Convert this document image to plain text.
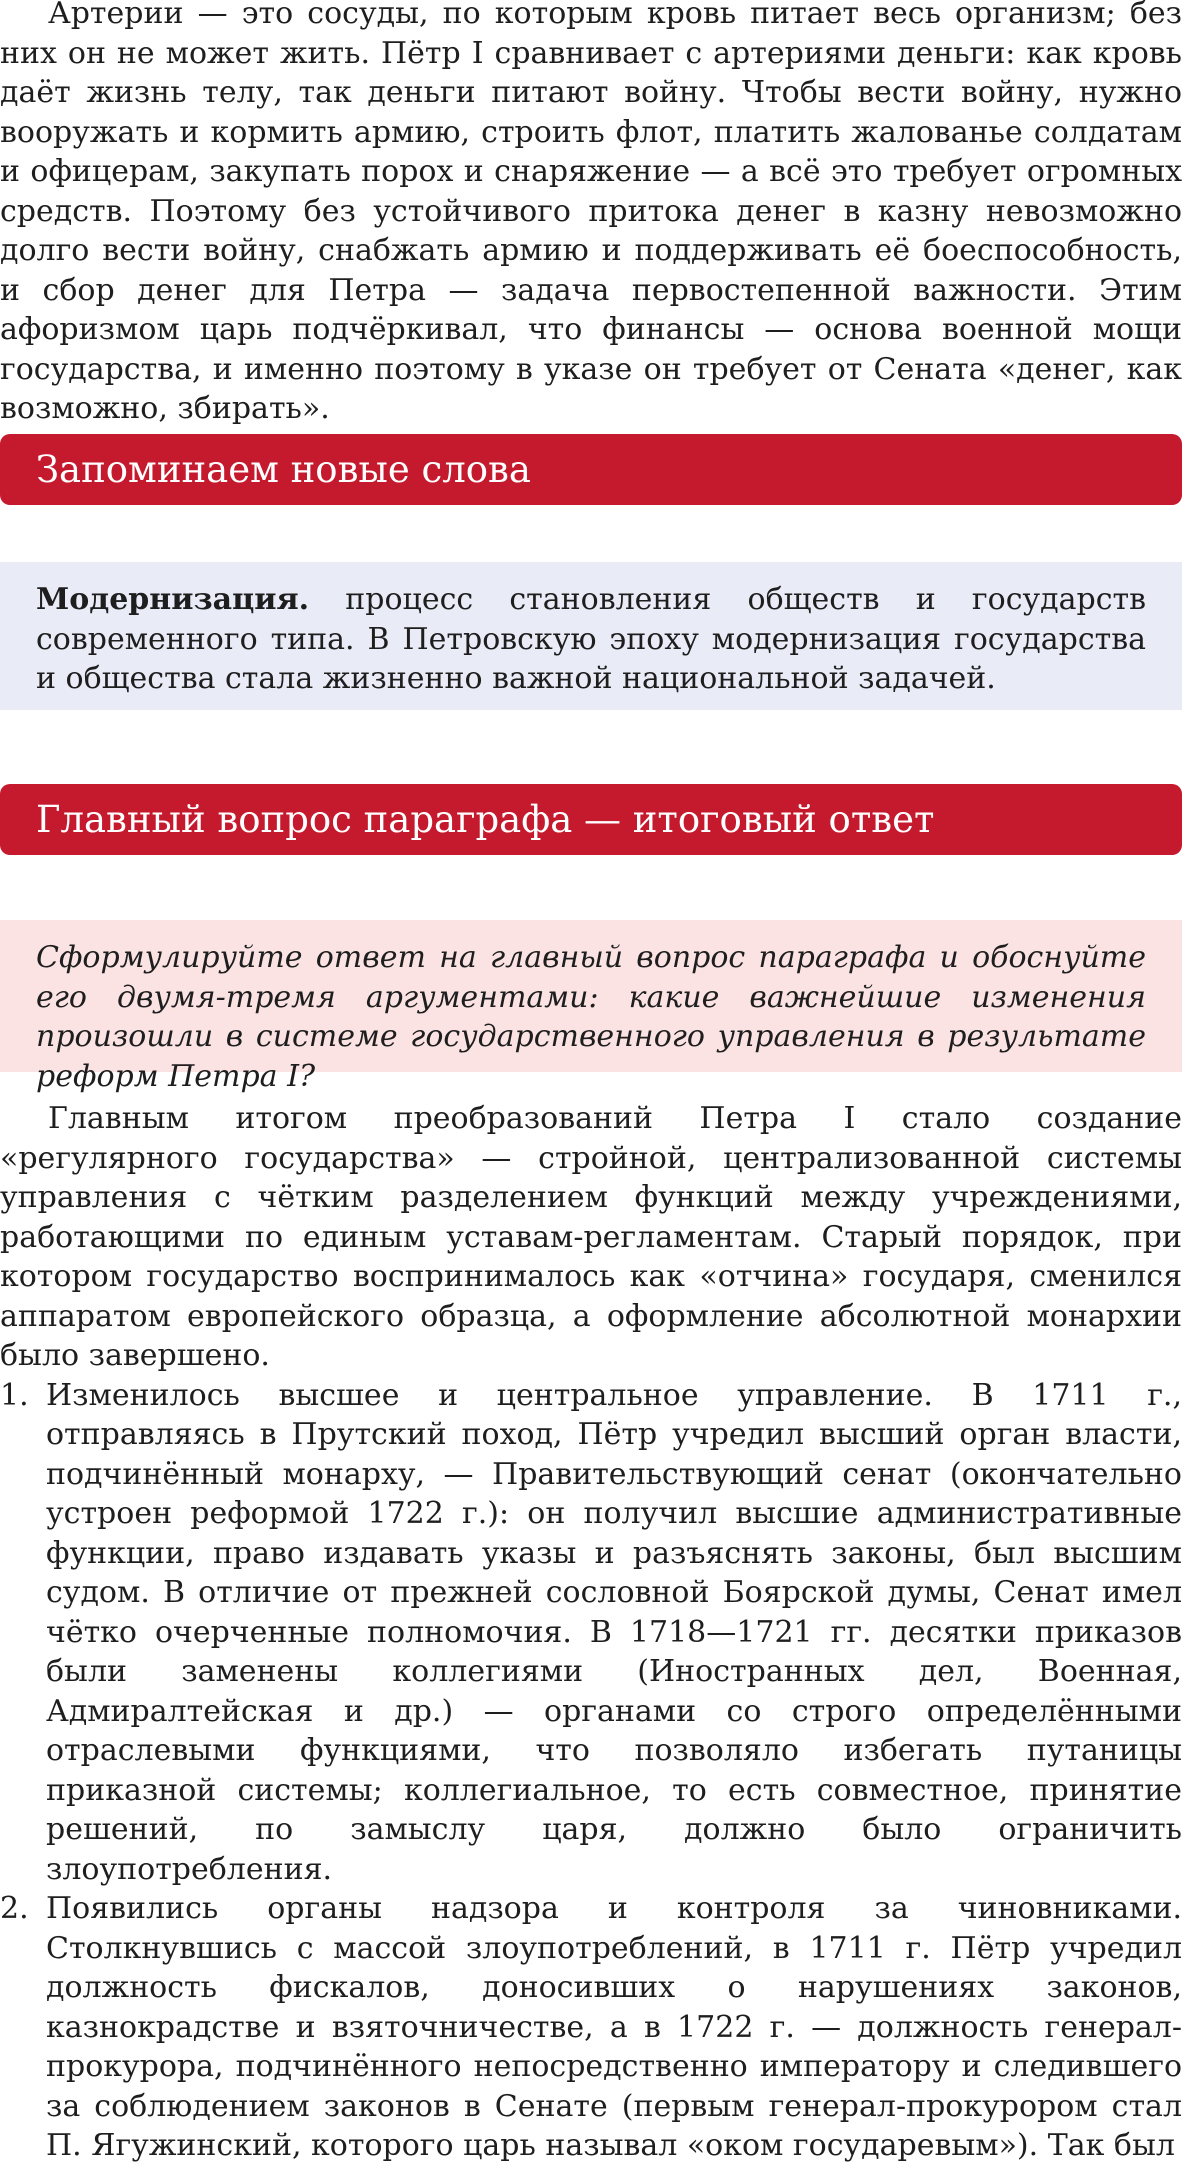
Артерии — это сосуды, по которым кровь питает весь организм; без них он не может жить. Пётр I сравнивает с артериями деньги: как кровь даёт жизнь телу, так деньги питают войну. Чтобы вести войну, нужно вооружать и кормить армию, строить флот, платить жалованье солдатам и офицерам, закупать порох и снаряжение — а всё это требует огромных средств. Поэтому без устойчивого притока денег в казну невозможно долго вести войну, снабжать армию и поддерживать её боеспособность, и сбор денег для Петра — задача первостепенной важности. Этим афоризмом царь подчёркивал, что финансы — основа военной мощи государства, и именно поэтому в указе он требует от Сената «денег, как возможно, збирать».

Запоминаем новые слова

Модернизация. процесс становления обществ и государств современного типа. В Петровскую эпоху модернизация государства и общества стала жизненно важной национальной задачей.

Главный вопрос параграфа — итоговый ответ

Сформулируйте ответ на главный вопрос параграфа и обоснуйте его двумя-тремя аргументами: какие важнейшие изменения произошли в системе государственного управления в результате реформ Петра I?

Главным итогом преобразований Петра I стало создание «регулярного государства» — стройной, централизованной системы управления с чётким разделением функций между учреждениями, работающими по единым уставам-регламентам. Старый порядок, при котором государство воспринималось как «отчина» государя, сменился аппаратом европейского образца, а оформление абсолютной монархии было завершено.

1. Изменилось высшее и центральное управление. В 1711 г., отправляясь в Прутский поход, Пётр учредил высший орган власти, подчинённый монарху, — Правительствующий сенат (окончательно устроен реформой 1722 г.): он получил высшие административные функции, право издавать указы и разъяснять законы, был высшим судом. В отличие от прежней сословной Боярской думы, Сенат имел чётко очерченные полномочия. В 1718—1721 гг. десятки приказов были заменены коллегиями (Иностранных дел, Военная, Адмиралтейская и др.) — органами со строго определёнными отраслевыми функциями, что позволяло избегать путаницы приказной системы; коллегиальное, то есть совместное, принятие решений, по замыслу царя, должно было ограничить злоупотребления.
2. Появились органы надзора и контроля за чиновниками. Столкнувшись с массой злоупотреблений, в 1711 г. Пётр учредил должность фискалов, доносивших о нарушениях законов, казнокрадстве и взяточничестве, а в 1722 г. — должность генерал-прокурора, подчинённого непосредственно императору и следившего за соблюдением законов в Сенате (первым генерал-прокурором стал П. Ягужинский, которого царь называл «оком государевым»). Так был
